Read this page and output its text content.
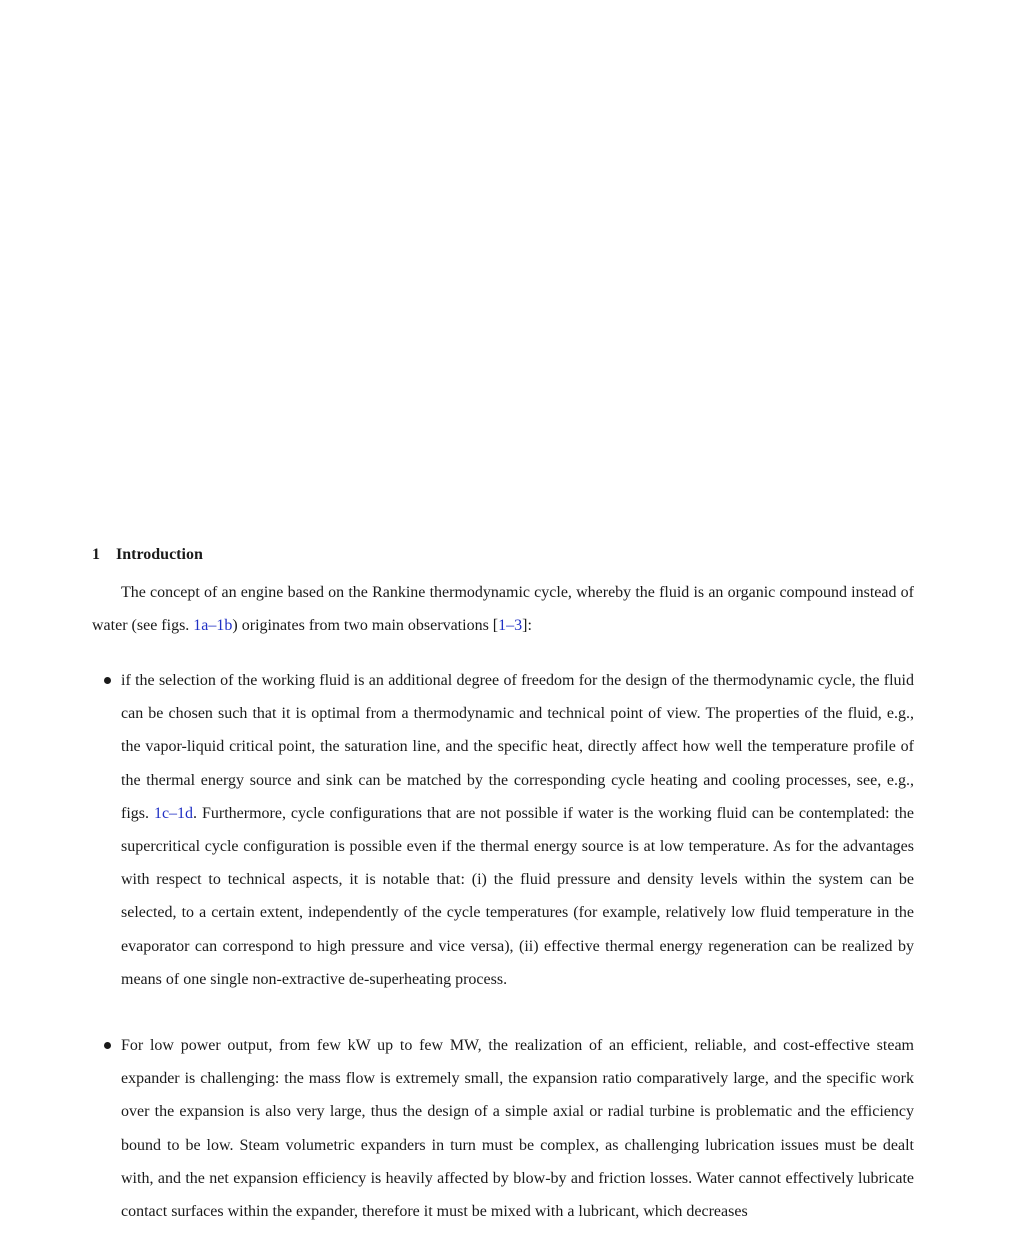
1 Introduction

The concept of an engine based on the Rankine thermodynamic cycle, whereby the fluid is an organic compound instead of water (see figs. 1a–1b) originates from two main observations [1–3]:

if the selection of the working fluid is an additional degree of freedom for the design of the thermodynamic cycle, the fluid can be chosen such that it is optimal from a thermodynamic and technical point of view. The properties of the fluid, e.g., the vapor-liquid critical point, the saturation line, and the specific heat, directly affect how well the temperature profile of the thermal energy source and sink can be matched by the corresponding cycle heating and cooling processes, see, e.g., figs. 1c–1d. Furthermore, cycle configurations that are not possible if water is the working fluid can be contemplated: the supercritical cycle configuration is possible even if the thermal energy source is at low temperature. As for the advantages with respect to technical aspects, it is notable that: (i) the fluid pressure and density levels within the system can be selected, to a certain extent, independently of the cycle temperatures (for example, relatively low fluid temperature in the evaporator can correspond to high pressure and vice versa), (ii) effective thermal energy regeneration can be realized by means of one single non-extractive de-superheating process.
For low power output, from few kW up to few MW, the realization of an efficient, reliable, and cost-effective steam expander is challenging: the mass flow is extremely small, the expansion ratio comparatively large, and the specific work over the expansion is also very large, thus the design of a simple axial or radial turbine is problematic and the efficiency bound to be low. Steam volumetric expanders in turn must be complex, as challenging lubrication issues must be dealt with, and the net expansion efficiency is heavily affected by blow-by and friction losses. Water cannot effectively lubricate contact surfaces within the expander, therefore it must be mixed with a lubricant, which decreases
